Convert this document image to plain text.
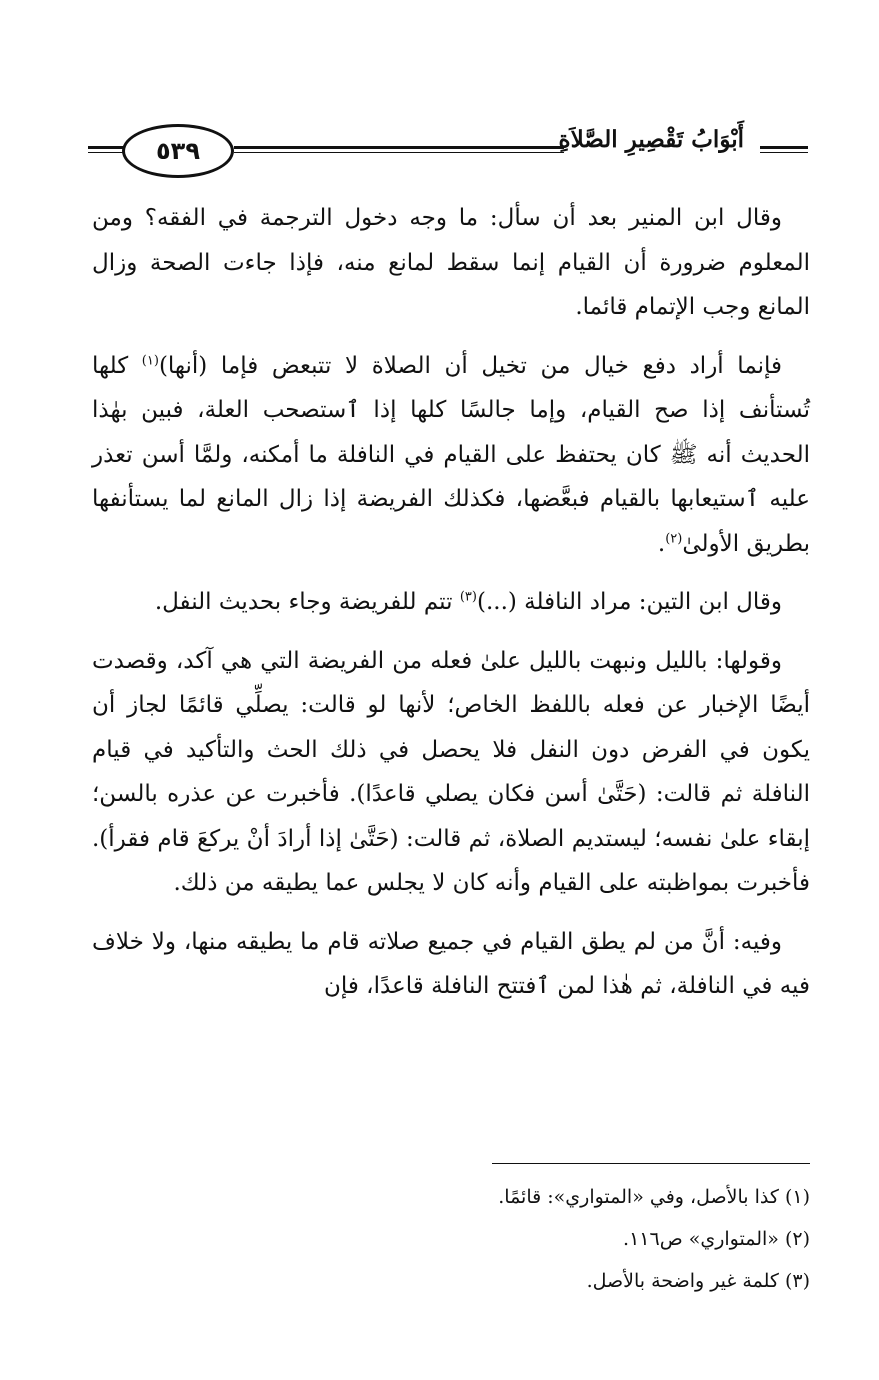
٥٣٩	أَبْوَابُ تَقْصِيرِ الصَّلاَةِ

وقال ابن المنير بعد أن سأل: ما وجه دخول الترجمة في الفقه؟ ومن المعلوم ضرورة أن القيام إنما سقط لمانع منه، فإذا جاءت الصحة وزال المانع وجب الإتمام قائما.

فإنما أراد دفع خيال من تخيل أن الصلاة لا تتبعض فإما (أنها)$^{(١)}$ كلها تُستأنف إذا صح القيام، وإما جالسًا كلها إذا ٱستصحب العلة، فبين بهٰذا الحديث أنه ﷺ كان يحتفظ على القيام في النافلة ما أمكنه، ولمَّا أسن تعذر عليه ٱستيعابها بالقيام فبعَّضها، فكذلك الفريضة إذا زال المانع لما يستأنفها بطريق الأولىٰ$^{(٢)}$.

وقال ابن التين: مراد النافلة (...)$^{(٣)}$ تتم للفريضة وجاء بحديث النفل.

وقولها: بالليل ونبهت بالليل علىٰ فعله من الفريضة التي هي آكد، وقصدت أيضًا الإخبار عن فعله باللفظ الخاص؛ لأنها لو قالت: يصلِّي قائمًا لجاز أن يكون في الفرض دون النفل فلا يحصل في ذلك الحث والتأكيد في قيام النافلة ثم قالت: (حَتَّىٰ أسن فكان يصلي قاعدًا). فأخبرت عن عذره بالسن؛ إبقاء علىٰ نفسه؛ ليستديم الصلاة، ثم قالت: (حَتَّىٰ إذا أرادَ أنْ يركعَ قام فقرأ). فأخبرت بمواظبته على القيام وأنه كان لا يجلس عما يطيقه من ذلك.

وفيه: أنَّ من لم يطق القيام في جميع صلاته قام ما يطيقه منها، ولا خلاف فيه في النافلة، ثم هٰذا لمن ٱفتتح النافلة قاعدًا، فإن

(١) كذا بالأصل، وفي «المتواري»: قائمًا.

(٢) «المتواري» ص١١٦.

(٣) كلمة غير واضحة بالأصل.
